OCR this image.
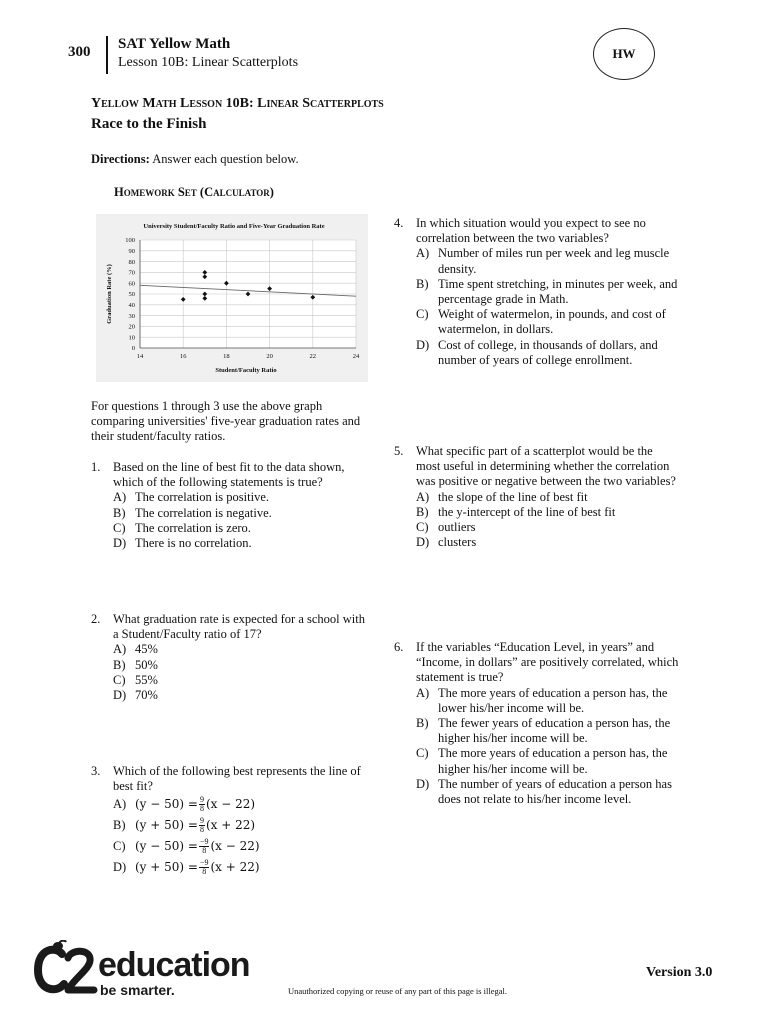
300 SAT Yellow Math
Lesson 10B: Linear Scatterplots
HW
Yellow Math Lesson 10B: Linear Scatterplots
Race to the Finish
Directions: Answer each question below.
Homework Set (Calculator)
University Student/Faculty Ratio and Five-Year Graduation Rate
0
10
20
30
40
50
60
70
80
90
100
14	16	18	20	22	24
Student/Faculty Ratio
Graduation Rate (%)
For questions 1 through 3 use the above graph comparing universities' five-year graduation rates and their student/faculty ratios.
1. Based on the line of best fit to the data shown, which of the following statements is true?
A) The correlation is positive.
B) The correlation is negative.
C) The correlation is zero.
D) There is no correlation.
2. What graduation rate is expected for a school with a Student/Faculty ratio of 17?
A) 45%
B) 50%
C) 55%
D) 70%
3. Which of the following best represents the line of best fit?
A) $(y - 50) = \frac{9}{8} (x - 22)$
B) $(y + 50) = \frac{9}{8} (x + 22)$
C) $(y - 50) = \frac{-9}{8} (x - 22)$
D) $(y + 50) = \frac{-9}{8} (x + 22)$
4. In which situation would you expect to see no correlation between the two variables?
A) Number of miles run per week and leg muscle density.
B) Time spent stretching, in minutes per week, and percentage grade in Math.
C) Weight of watermelon, in pounds, and cost of watermelon, in dollars.
D) Cost of college, in thousands of dollars, and number of years of college enrollment.
5. What specific part of a scatterplot would be the most useful in determining whether the correlation was positive or negative between the two variables?
A) the slope of the line of best fit
B) the y-intercept of the line of best fit
C) outliers
D) clusters
6. If the variables “Education Level, in years” and “Income, in dollars” are positively correlated, which statement is true?
A) The more years of education a person has, the lower his/her income will be.
B) The fewer years of education a person has, the higher his/her income will be.
C) The more years of education a person has, the higher his/her income will be.
D) The number of years of education a person has does not relate to his/her income level.
education
be smarter.	Unauthorized copying or reuse of any part of this page is illegal.
Version 3.0
